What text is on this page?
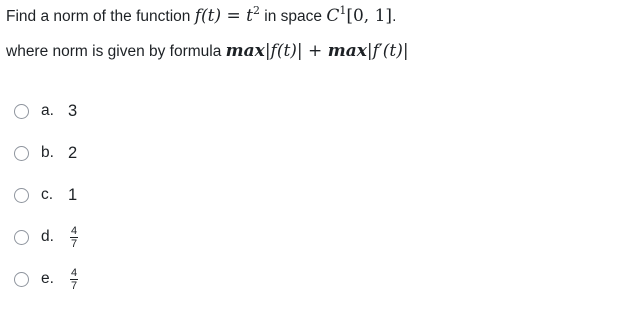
Find a norm of the function $f(t) = t^2$ in space $C^1[0$, 1].
where norm is given by formula max|f(t)| + max|f′(t)|
a. 3
b. 2
c. 1
d.	$\frac{4}{7}$
e.	$\frac{4}{7}$
